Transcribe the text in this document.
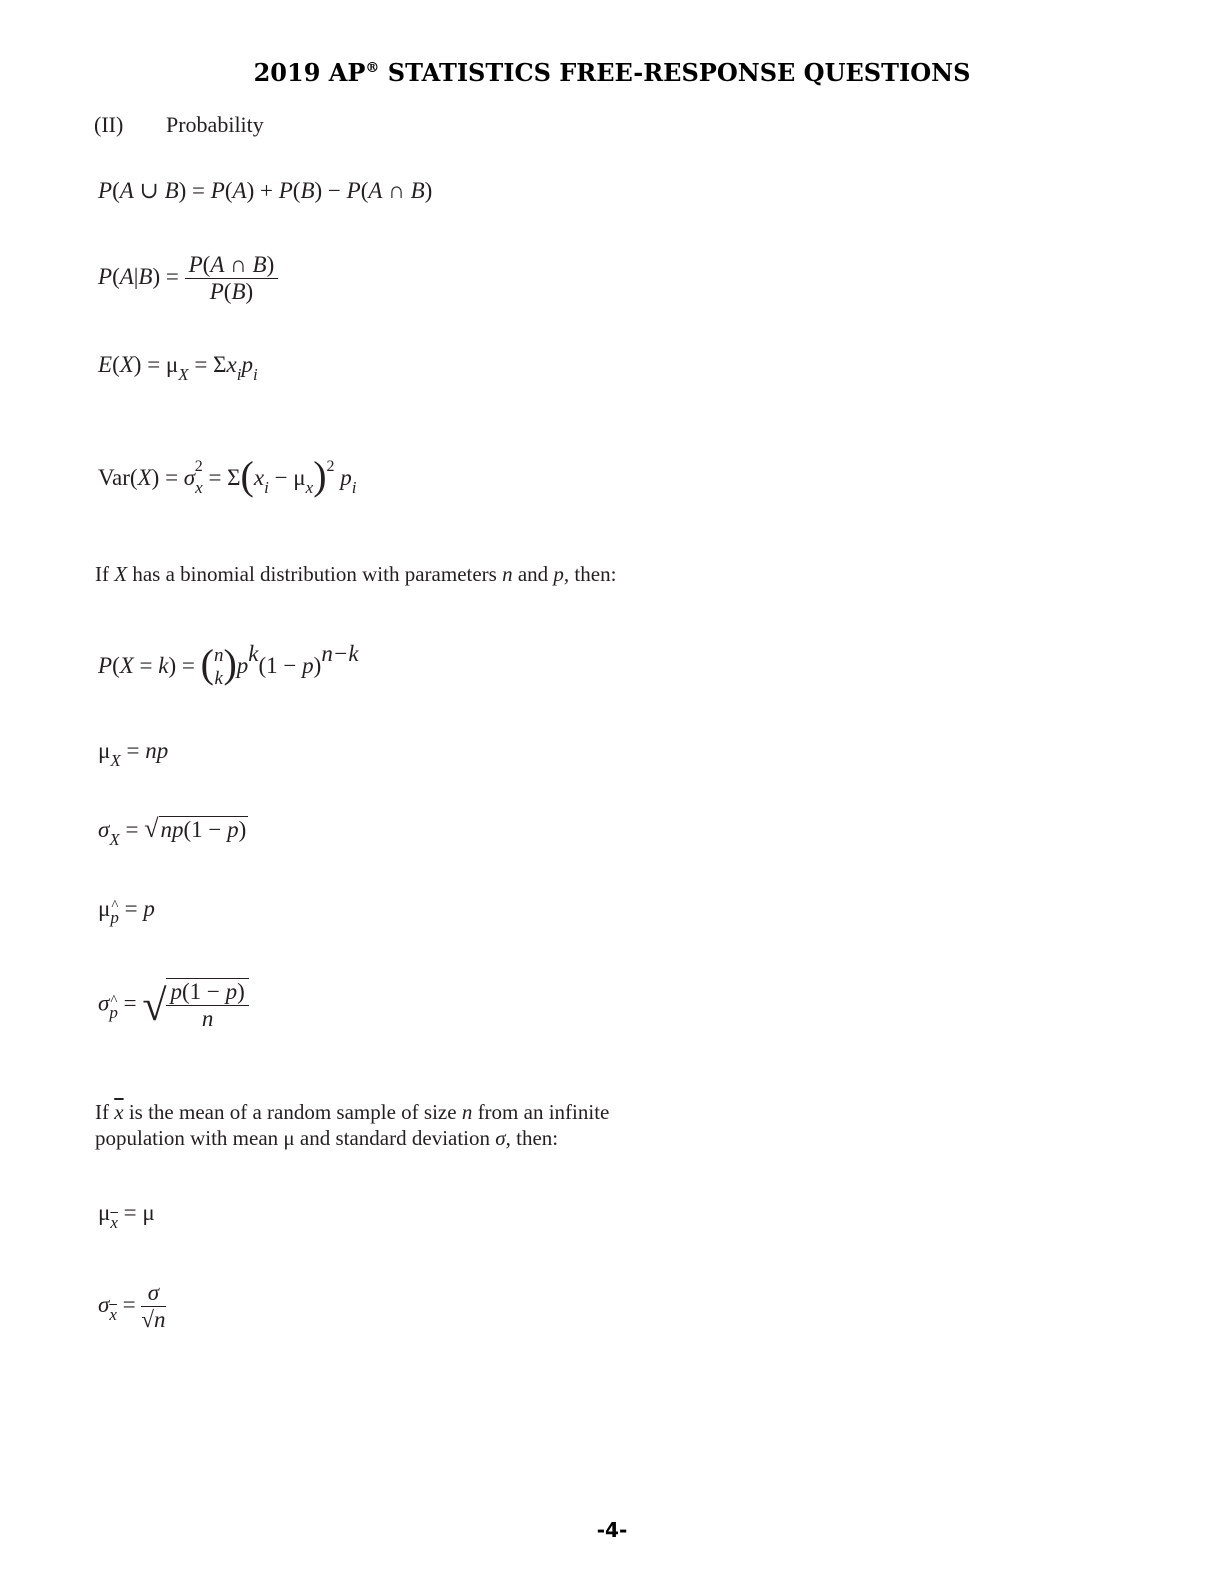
2019 AP® STATISTICS FREE-RESPONSE QUESTIONS
(II) Probability
P(A ∪ B) = P(A) + P(B) − P(A ∩ B)
$P(A|B) = \frac{P(A \cap B)}{P(B)}$
$E(X) = \mu_X = \Sigma x_ip_i$
$Var(X) = \sigma_x^2 = \Sigma(x_i - \mu_x)^2$ $p_i$
If X has a binomial distribution with parameters n and p, then:
P(X = k) = ( n
k )pk(1 − p)n−k
$\mu_X$ = np
$\sigma_X = √np(1 - p)$
μ^ $_p$ = p
σ^ $_p$ = √ $\frac{p(1 - p)}{n}$
If $\overline{x}$ is the mean of a random sample of size n from an infinite
population with mean μ and standard deviation σ, then:
$\mu_{\overline{x}} = \mu$
$\sigma_{\overline{x}} = \frac{\sigma}{√n}$
-4-
